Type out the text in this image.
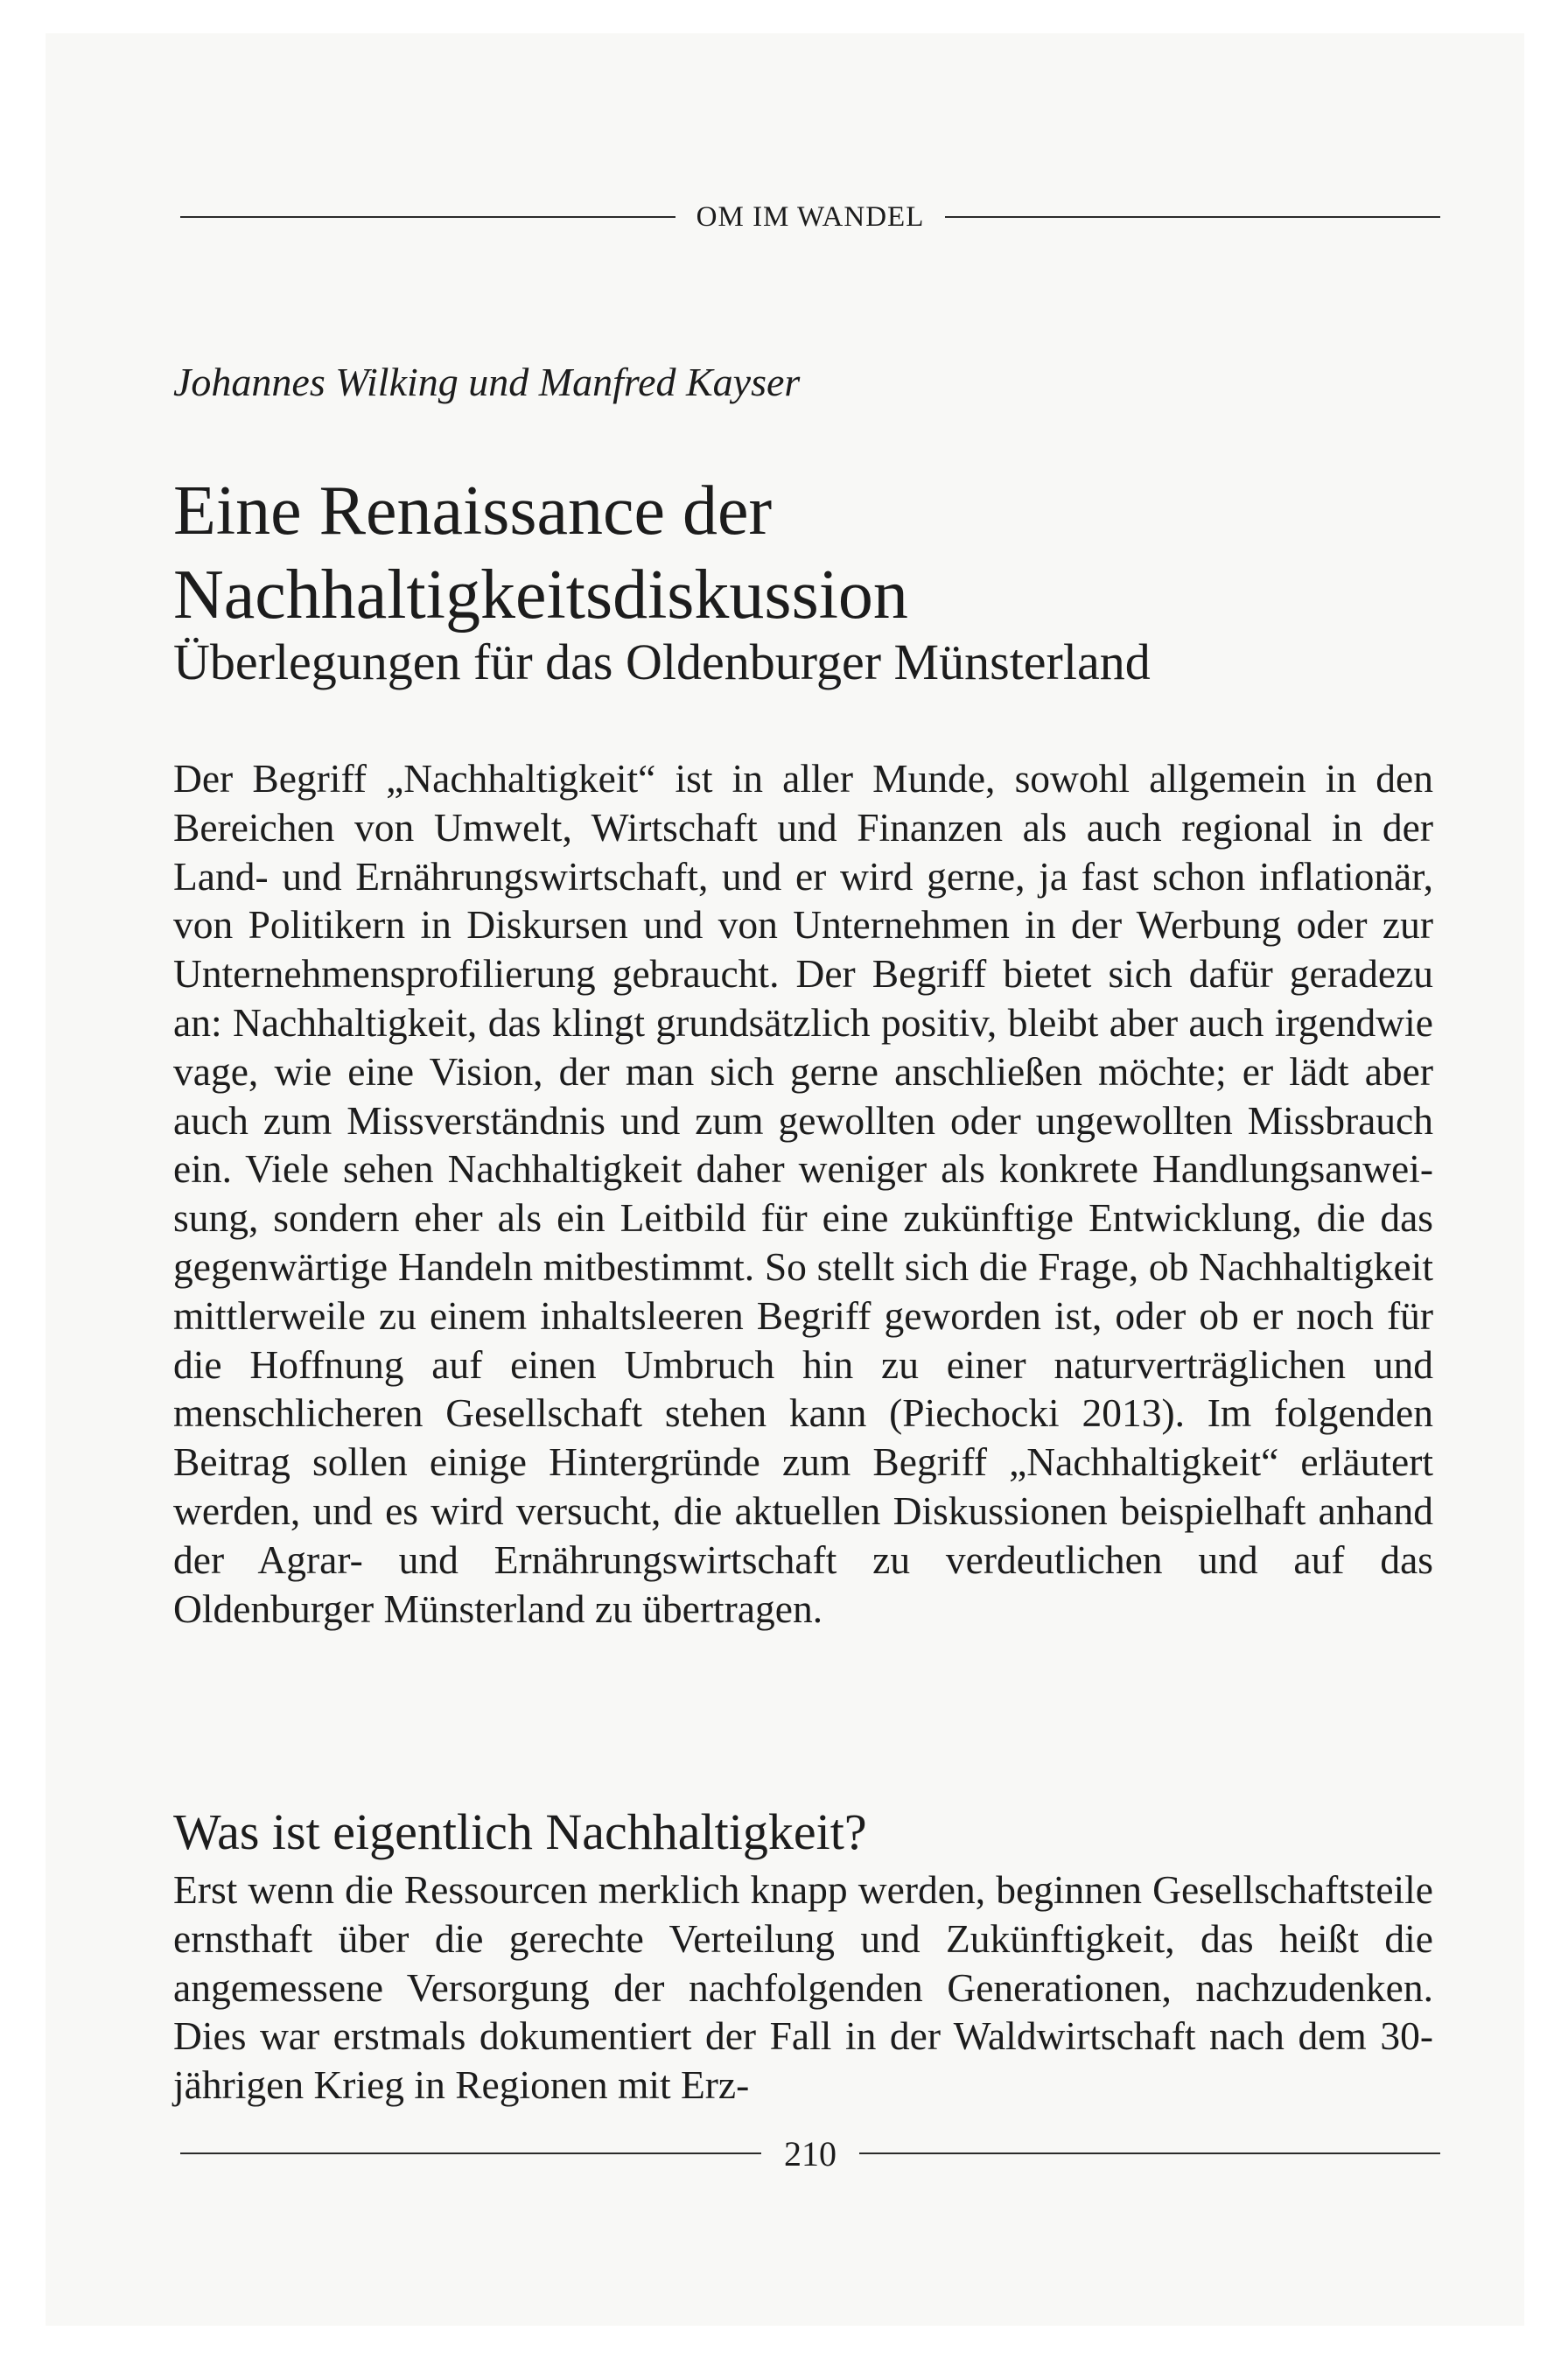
OM IM WANDEL
Johannes Wilking und Manfred Kayser
Eine Renaissance der Nachhaltigkeitsdiskussion
Überlegungen für das Oldenburger Münsterland

Der Begriff „Nachhaltigkeit“ ist in aller Munde, sowohl allgemein in den Bereichen von Umwelt, Wirtschaft und Finanzen als auch regional in der Land- und Ernährungswirtschaft, und er wird gerne, ja fast schon inflationär, von Politikern in Diskursen und von Unternehmen in der Werbung oder zur Unternehmensprofilierung gebraucht. Der Begriff bietet sich dafür geradezu an: Nachhaltigkeit, das klingt grundsätzlich positiv, bleibt aber auch irgendwie vage, wie eine Vision, der man sich gerne anschließen möchte; er lädt aber auch zum Missverständnis und zum gewollten oder ungewollten Missbrauch ein. Viele sehen Nachhaltigkeit daher weniger als konkrete Handlungsanweisung, sondern eher als ein Leitbild für eine zukünftige Entwicklung, die das gegenwärtige Handeln mitbestimmt. So stellt sich die Frage, ob Nachhaltigkeit mittlerweile zu einem inhaltsleeren Begriff geworden ist, oder ob er noch für die Hoffnung auf einen Umbruch hin zu einer naturverträglichen und menschlicheren Gesellschaft stehen kann (Piechocki 2013). Im folgenden Beitrag sollen einige Hintergründe zum Begriff „Nachhaltigkeit“ erläutert werden, und es wird versucht, die aktuellen Diskussionen beispielhaft anhand der Agrar- und Ernährungswirtschaft zu verdeutlichen und auf das Oldenburger Münsterland zu übertragen.

Was ist eigentlich Nachhaltigkeit?

Erst wenn die Ressourcen merklich knapp werden, beginnen Gesellschaftsteile ernsthaft über die gerechte Verteilung und Zukünftigkeit, das heißt die angemessene Versorgung der nachfolgenden Generationen, nachzudenken. Dies war erstmals dokumentiert der Fall in der Waldwirtschaft nach dem 30-jährigen Krieg in Regionen mit Erz-

210
